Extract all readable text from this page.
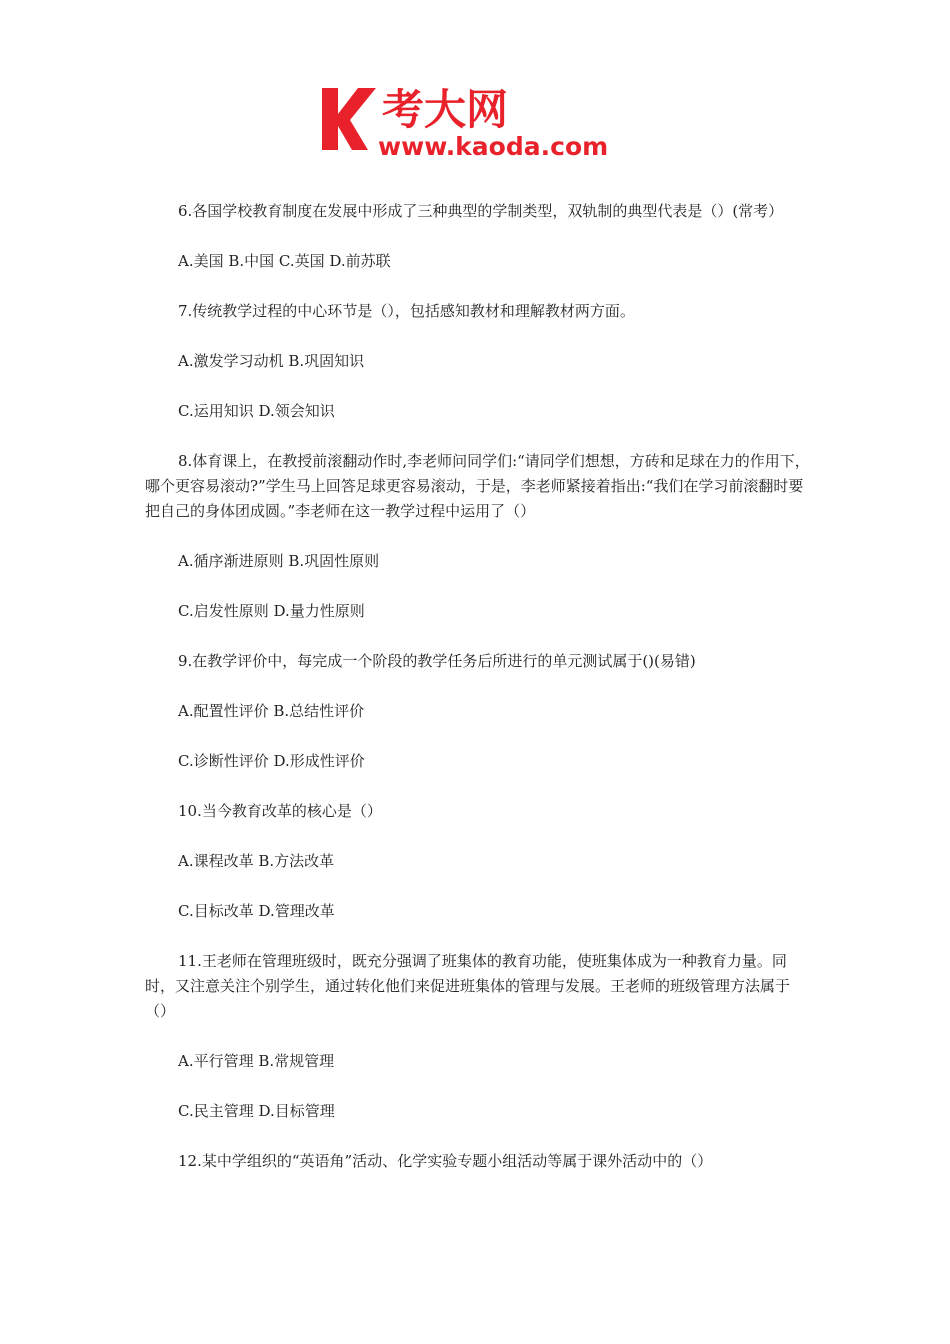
考大网
www.kaoda.com

6.各国学校教育制度在发展中形成了三种典型的学制类型，双轨制的典型代表是（）(常考）

A.美国 B.中国 C.英国 D.前苏联

7.传统教学过程的中心环节是（），包括感知教材和理解教材两方面。

A.激发学习动机 B.巩固知识

C.运用知识 D.领会知识

8.体育课上，在教授前滚翻动作时,李老师问同学们:“请同学们想想，方砖和足球在力的作用下，哪个更容易滚动?”学生马上回答足球更容易滚动，于是，李老师紧接着指出:“我们在学习前滚翻时要把自己的身体团成圆。”李老师在这一教学过程中运用了（）

A.循序渐进原则 B.巩固性原则

C.启发性原则 D.量力性原则

9.在教学评价中，每完成一个阶段的教学任务后所进行的单元测试属于()(易错)

A.配置性评价 B.总结性评价

C.诊断性评价 D.形成性评价

10.当今教育改革的核心是（）

A.课程改革 B.方法改革

C.目标改革 D.管理改革

11.王老师在管理班级时，既充分强调了班集体的教育功能，使班集体成为一种教育力量。同时，又注意关注个别学生，通过转化他们来促进班集体的管理与发展。王老师的班级管理方法属于（）

A.平行管理 B.常规管理

C.民主管理 D.目标管理

12.某中学组织的“英语角”活动、化学实验专题小组活动等属于课外活动中的（）
